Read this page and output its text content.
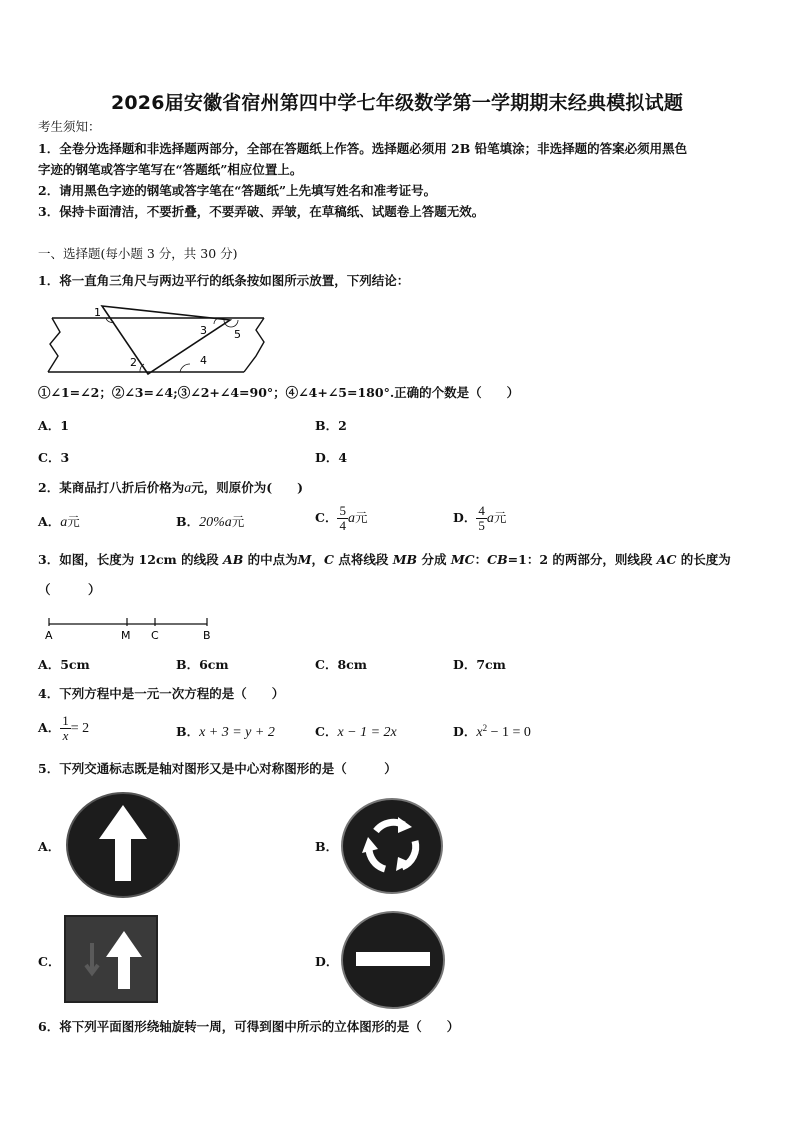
2026届安徽省宿州第四中学七年级数学第一学期期末经典模拟试题
考生须知：
1．全卷分选择题和非选择题两部分，全部在答题纸上作答。选择题必须用 2B 铅笔填涂；非选择题的答案必须用黑色
字迹的钢笔或答字笔写在“答题纸”相应位置上。
2．请用黑色字迹的钢笔或答字笔在“答题纸”上先填写姓名和准考证号。
3．保持卡面清洁，不要折叠，不要弄破、弄皱，在草稿纸、试题卷上答题无效。
一、选择题(每小题 3 分，共 30 分)
1．将一直角三角尺与两边平行的纸条按如图所示放置，下列结论：
1
2
3
4
5
①∠1=∠2；②∠3=∠4;③∠2+∠4=90°；④∠4+∠5=180°.正确的个数是（　　）
A．1	B．2
C．3	D．4
2．某商品打八折后价格为a元，则原价为(　　)
A．a元	B．20%a元	C． $\frac{5}{4}$ a元	D． $\frac{4}{5}$ a元
3．如图，长度为 12cm 的线段 AB 的中点为M，C 点将线段 MB 分成 MC：CB=1：2 的两部分，则线段 AC 的长度为
（　　　）
A	M C	B
A．5cm	B．6cm	C．8cm	D．7cm
4．下列方程中是一元一次方程的是（　　）
A． $\frac{1}{x} = 2$	B．x + 3 = y + 2	C．x − 1 = 2x	D．$x^2 - 1 = 0$
5．下列交通标志既是轴对图形又是中心对称图形的是（　　　）
A．	B．
C．	D．
6．将下列平面图形绕轴旋转一周，可得到图中所示的立体图形的是（　　）
